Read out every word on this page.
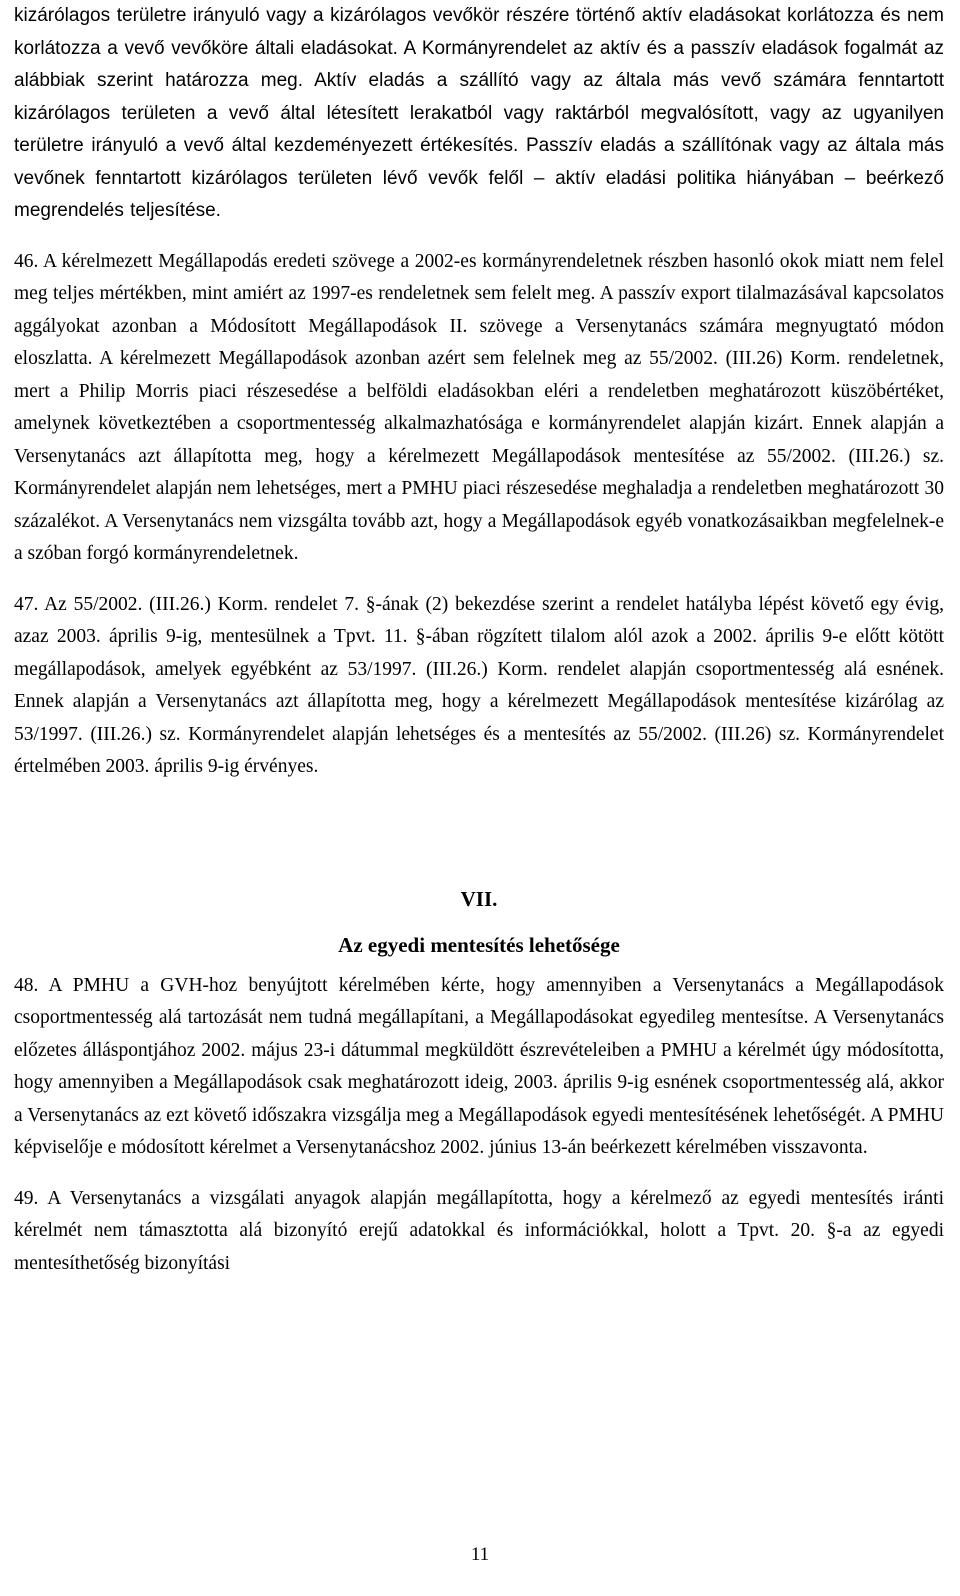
kizárólagos területre irányuló vagy a kizárólagos vevőkör részére történő aktív eladásokat korlátozza és nem korlátozza a vevő vevőköre általi eladásokat. A Kormányrendelet az aktív és a passzív eladások fogalmát az alábbiak szerint határozza meg. Aktív eladás a szállító vagy az általa más vevő számára fenntartott kizárólagos területen a vevő által létesített lerakatból vagy raktárból megvalósított, vagy az ugyanilyen területre irányuló a vevő által kezdeményezett értékesítés. Passzív eladás a szállítónak vagy az általa más vevőnek fenntartott kizárólagos területen lévő vevők felől – aktív eladási politika hiányában – beérkező megrendelés teljesítése.

46. A kérelmezett Megállapodás eredeti szövege a 2002-es kormányrendeletnek részben hasonló okok miatt nem felel meg teljes mértékben, mint amiért az 1997-es rendeletnek sem felelt meg. A passzív export tilalmazásával kapcsolatos aggályokat azonban a Módosított Megállapodások II. szövege a Versenytanács számára megnyugtató módon eloszlatta. A kérelmezett Megállapodások azonban azért sem felelnek meg az 55/2002. (III.26) Korm. rendeletnek, mert a Philip Morris piaci részesedése a belföldi eladásokban eléri a rendeletben meghatározott küszöbértéket, amelynek következtében a csoportmentesség alkalmazhatósága e kormányrendelet alapján kizárt. Ennek alapján a Versenytanács azt állapította meg, hogy a kérelmezett Megállapodások mentesítése az 55/2002. (III.26.) sz. Kormányrendelet alapján nem lehetséges, mert a PMHU piaci részesedése meghaladja a rendeletben meghatározott 30 százalékot. A Versenytanács nem vizsgálta tovább azt, hogy a Megállapodások egyéb vonatkozásaikban megfelelnek-e a szóban forgó kormányrendeletnek.

47. Az 55/2002. (III.26.) Korm. rendelet 7. §-ának (2) bekezdése szerint a rendelet hatályba lépést követő egy évig, azaz 2003. április 9-ig, mentesülnek a Tpvt. 11. §-ában rögzített tilalom alól azok a 2002. április 9-e előtt kötött megállapodások, amelyek egyébként az 53/1997. (III.26.) Korm. rendelet alapján csoportmentesség alá esnének. Ennek alapján a Versenytanács azt állapította meg, hogy a kérelmezett Megállapodások mentesítése kizárólag az 53/1997. (III.26.) sz. Kormányrendelet alapján lehetséges és a mentesítés az 55/2002. (III.26) sz. Kormányrendelet értelmében 2003. április 9-ig érvényes.

VII.
Az egyedi mentesítés lehetősége

48. A PMHU a GVH-hoz benyújtott kérelmében kérte, hogy amennyiben a Versenytanács a Megállapodások csoportmentesség alá tartozását nem tudná megállapítani, a Megállapodásokat egyedileg mentesítse. A Versenytanács előzetes álláspontjához 2002. május 23-i dátummal megküldött észrevételeiben a PMHU a kérelmét úgy módosította, hogy amennyiben a Megállapodások csak meghatározott ideig, 2003. április 9-ig esnének csoportmentesség alá, akkor a Versenytanács az ezt követő időszakra vizsgálja meg a Megállapodások egyedi mentesítésének lehetőségét. A PMHU képviselője e módosított kérelmet a Versenytanácshoz 2002. június 13-án beérkezett kérelmében visszavonta.

49. A Versenytanács a vizsgálati anyagok alapján megállapította, hogy a kérelmező az egyedi mentesítés iránti kérelmét nem támasztotta alá bizonyító erejű adatokkal és információkkal, holott a Tpvt. 20. §-a az egyedi mentesíthetőség bizonyítási

11
